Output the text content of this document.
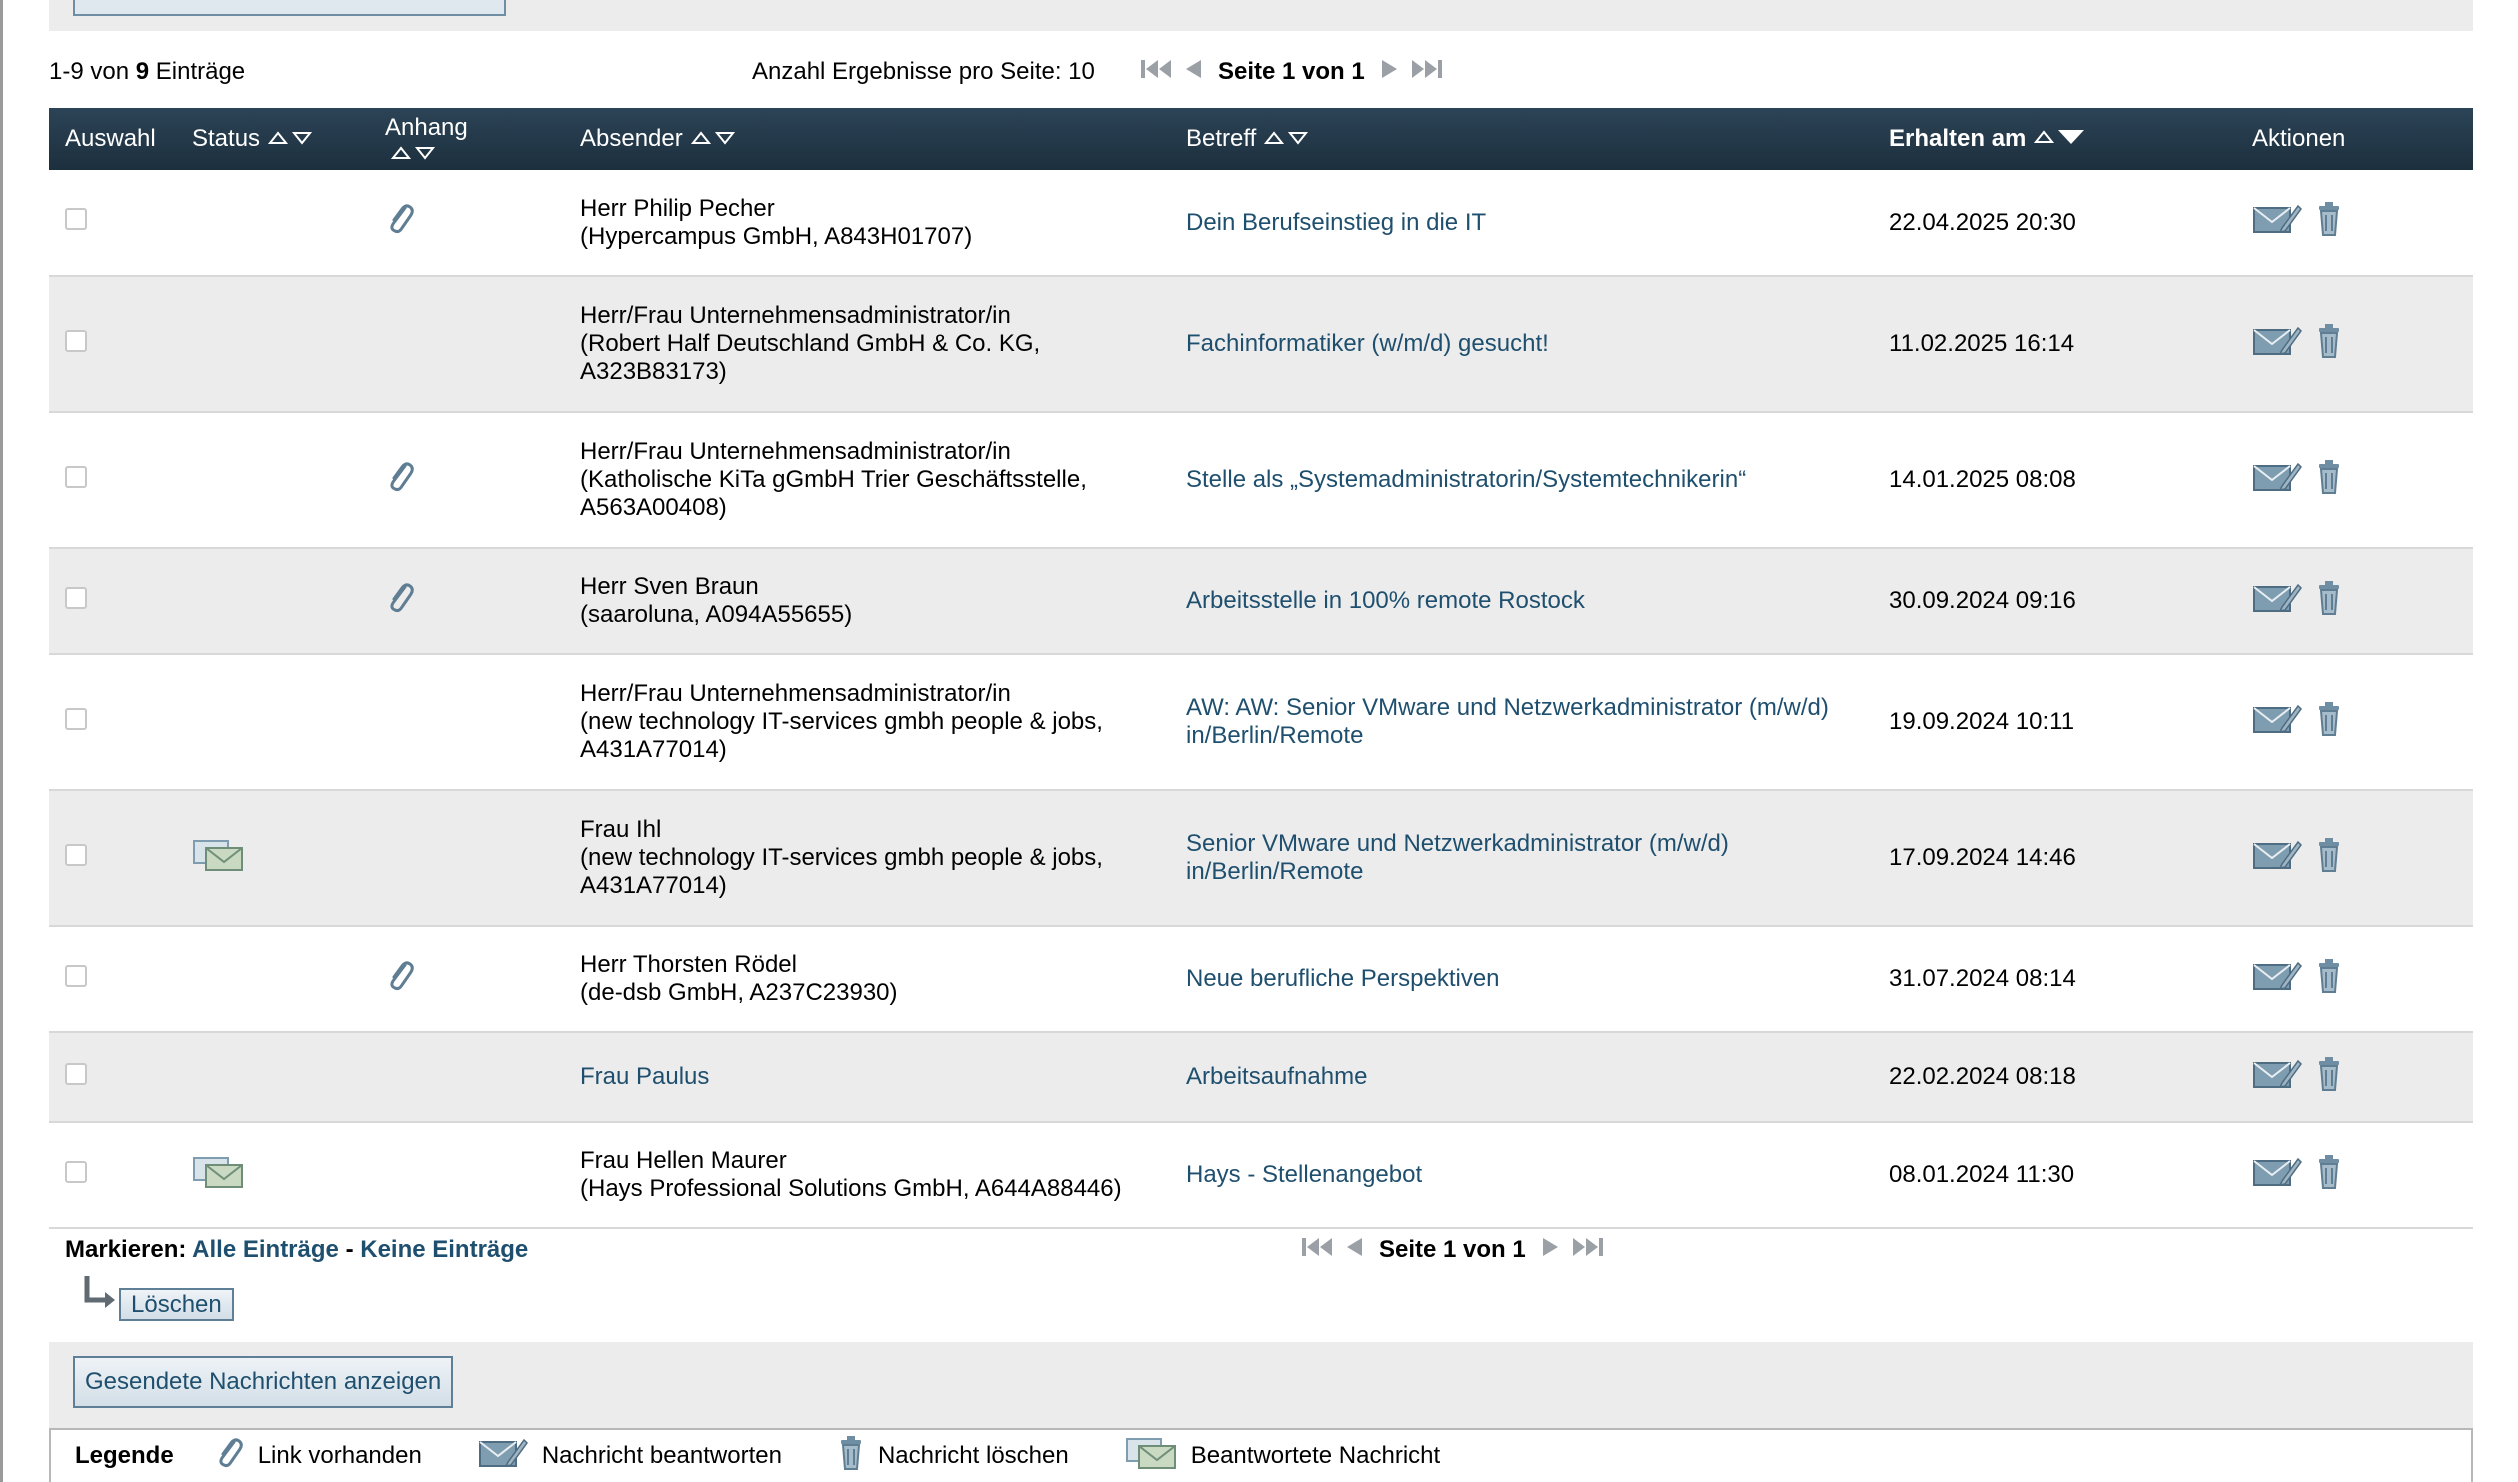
1-9 von 9 Einträge	Anzahl Ergebnisse pro Seite: 10	Seite 1 von 1
Auswahl	Status	Anhang	Absender	Betreff	Erhalten am	Aktionen

Herr Philip Pecher
(Hypercampus GmbH, A843H01707)	Dein Berufseinstieg in die IT	22.04.2025 20:30	

			Herr/Frau Unternehmensadministrator/in
(Robert Half Deutschland GmbH & Co. KG, A323B83173)	Fachinformatiker (w/m/d) gesucht!	11.02.2025 16:14	

Herr/Frau Unternehmensadministrator/in
(Katholische KiTa gGmbH Trier Geschäftsstelle, A563A00408)	Stelle als „Systemadministratorin/Systemtechnikerin“	14.01.2025 08:08	

Herr Sven Braun
(saaroluna, A094A55655)	Arbeitsstelle in 100% remote Rostock	30.09.2024 09:16	

			Herr/Frau Unternehmensadministrator/in
(new technology IT-services gmbh people & jobs, A431A77014)	AW: AW: Senior VMware und Netzwerkadministrator (m/w/d) in/Berlin/Remote	19.09.2024 10:11	

Frau Ihl
(new technology IT-services gmbh people & jobs, A431A77014)	Senior VMware und Netzwerkadministrator (m/w/d) in/Berlin/Remote	17.09.2024 14:46	

Herr Thorsten Rödel
(de-dsb GmbH, A237C23930)	Neue berufliche Perspektiven	31.07.2024 08:14	

			Frau Paulus	Arbeitsaufnahme	22.02.2024 08:18	

Frau Hellen Maurer
(Hays Professional Solutions GmbH, A644A88446)	Hays - Stellenangebot	08.01.2024 11:30	
Markieren: Alle Einträge - Keine Einträge	Seite 1 von 1
Löschen
Gesendete Nachrichten anzeigen
Legende	Link vorhanden	Nachricht beantworten	Nachricht löschen	Beantwortete Nachricht
